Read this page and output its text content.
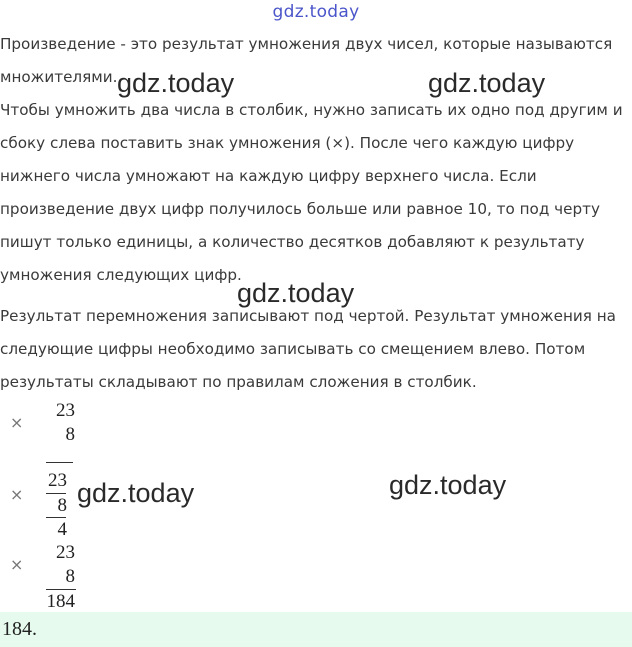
gdz.today

Произведение - это результат умножения двух чисел, которые называются
множителями.

Чтобы умножить два числа в столбик, нужно записать их одно под другим и
сбоку слева поставить знак умножения (×). После чего каждую цифру
нижнего числа умножают на каждую цифру верхнего числа. Если
произведение двух цифр получилось больше или равное 10, то под черту
пишут только единицы, а количество десятков добавляют к результату
умножения следующих цифр.

Результат перемножения записывают под чертой. Результат умножения на
следующие цифры необходимо записывать со смещением влево. Потом
результаты складывают по правилам сложения в столбик.

gdz.today	gdz.today
gdz.today
gdz.today	gdz.today
×
23
8
×
23
8
4
×
23
8
184
184.
